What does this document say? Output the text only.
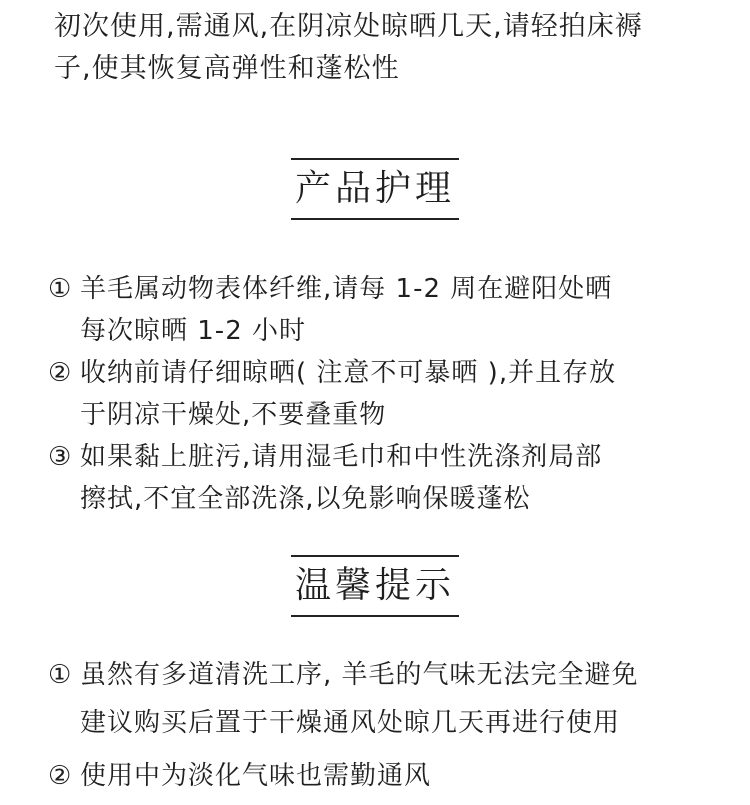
初次使用,需通风,在阴凉处晾晒几天,请轻拍床褥
子,使其恢复高弹性和蓬松性
产品护理
① 羊毛属动物表体纤维,请每 1-2 周在避阳处晒
每次晾晒 1-2 小时
② 收纳前请仔细晾晒( 注意不可暴晒 ),并且存放
于阴凉干燥处,不要叠重物
③ 如果黏上脏污,请用湿毛巾和中性洗涤剂局部
擦拭,不宜全部洗涤,以免影响保暖蓬松
温馨提示
① 虽然有多道清洗工序, 羊毛的气味无法完全避免
建议购买后置于干燥通风处晾几天再进行使用
② 使用中为淡化气味也需勤通风
